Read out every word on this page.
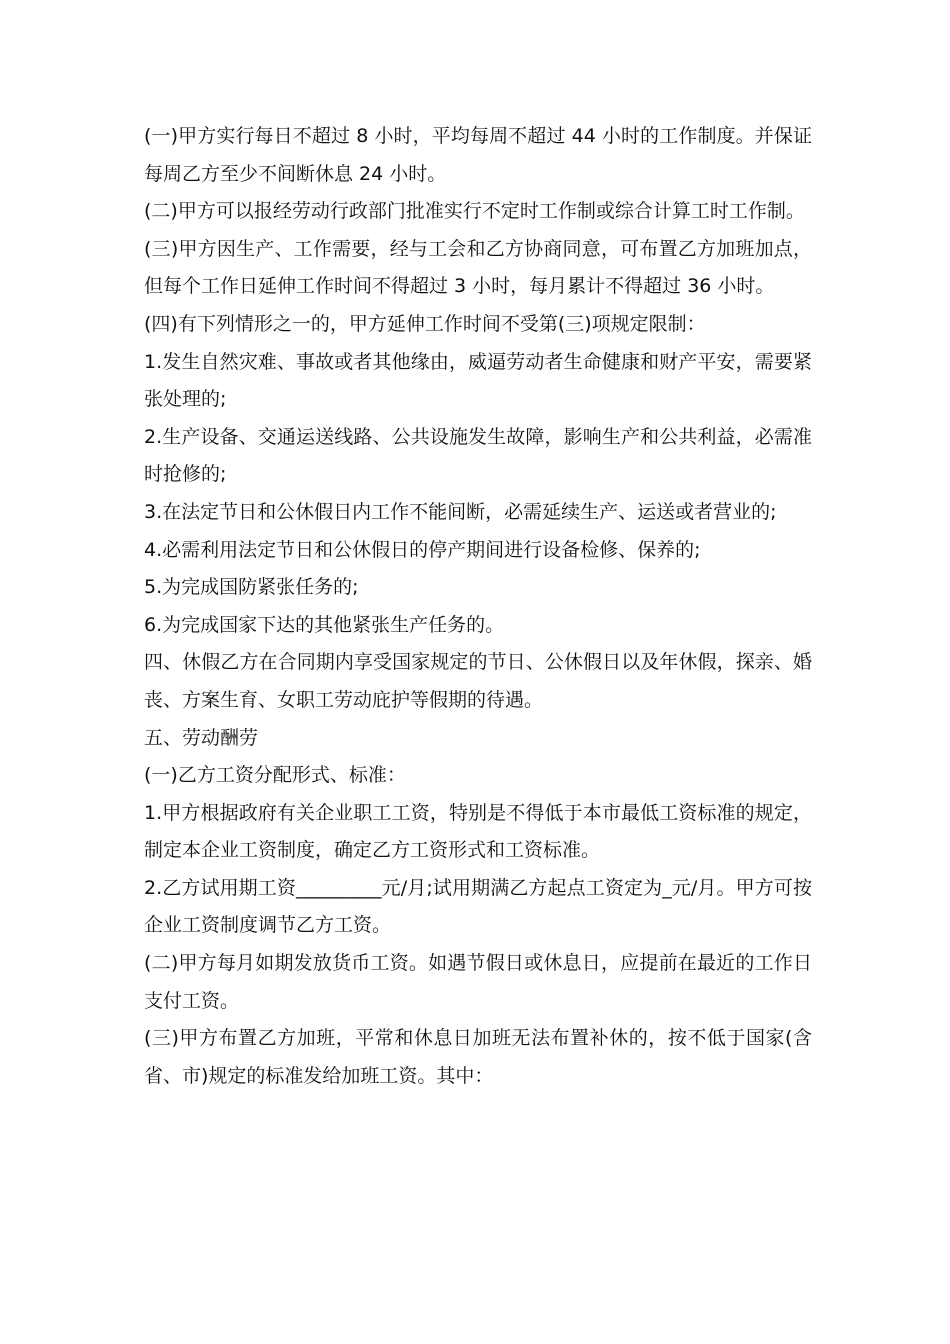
(一)甲方实行每日不超过 8 小时，平均每周不超过 44 小时的工作制度。并保证每周乙方至少不间断休息 24 小时。

(二)甲方可以报经劳动行政部门批准实行不定时工作制或综合计算工时工作制。

(三)甲方因生产、工作需要，经与工会和乙方协商同意，可布置乙方加班加点，但每个工作日延伸工作时间不得超过 3 小时，每月累计不得超过 36 小时。

(四)有下列情形之一的，甲方延伸工作时间不受第(三)项规定限制：

1.发生自然灾难、事故或者其他缘由，威逼劳动者生命健康和财产平安，需要紧张处理的;

2.生产设备、交通运送线路、公共设施发生故障，影响生产和公共利益，必需准时抢修的;

3.在法定节日和公休假日内工作不能间断，必需延续生产、运送或者营业的;

4.必需利用法定节日和公休假日的停产期间进行设备检修、保养的;

5.为完成国防紧张任务的;

6.为完成国家下达的其他紧张生产任务的。

四、休假乙方在合同期内享受国家规定的节日、公休假日以及年休假，探亲、婚丧、方案生育、女职工劳动庇护等假期的待遇。

五、劳动酬劳

(一)乙方工资分配形式、标准：

1.甲方根据政府有关企业职工工资，特别是不得低于本市最低工资标准的规定，制定本企业工资制度，确定乙方工资形式和工资标准。

2.乙方试用期工资_________元/月;试用期满乙方起点工资定为_元/月。甲方可按企业工资制度调节乙方工资。

(二)甲方每月如期发放货币工资。如遇节假日或休息日，应提前在最近的工作日支付工资。

(三)甲方布置乙方加班，平常和休息日加班无法布置补休的，按不低于国家(含省、市)规定的标准发给加班工资。其中：
